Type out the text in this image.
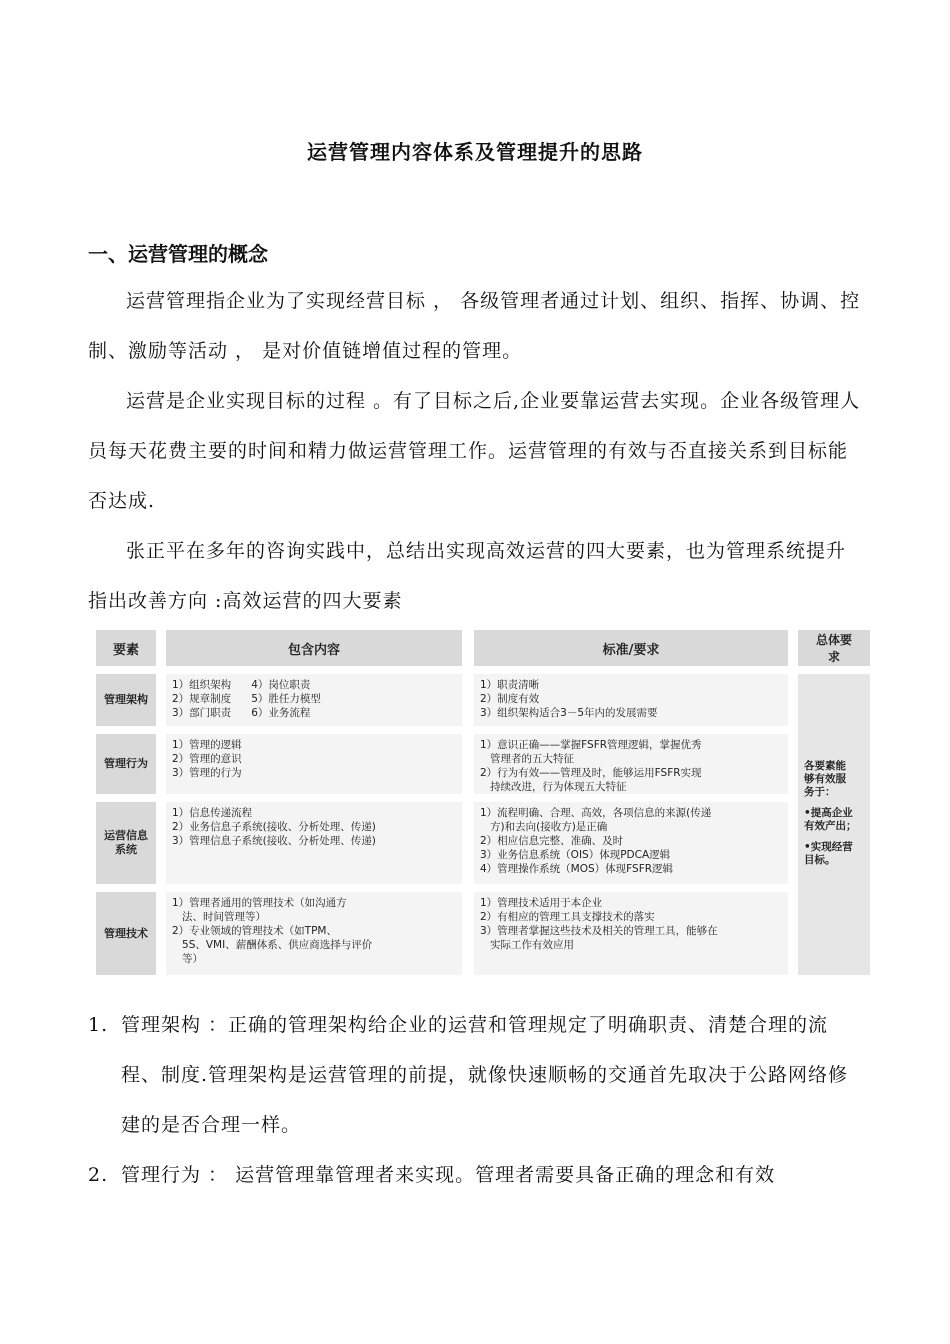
运营管理内容体系及管理提升的思路
一、运营管理的概念
运营管理指企业为了实现经营目标 ， 各级管理者通过计划、组织、指挥、协调、控制、激励等活动 ， 是对价值链增值过程的管理。
运营是企业实现目标的过程 。有了目标之后,企业要靠运营去实现。企业各级管理人员每天花费主要的时间和精力做运营管理工作。运营管理的有效与否直接关系到目标能否达成.
张正平在多年的咨询实践中，总结出实现高效运营的四大要素，也为管理系统提升指出改善方向 :高效运营的四大要素
要素	包含内容	标准/要求
总体要求
管理架构
1）组织架构      4）岗位职责
2）规章制度      5）胜任力模型
3）部门职责      6）业务流程
1）职责清晰
2）制度有效
3）组织架构适合3－5年内的发展需要
管理行为
1）管理的逻辑
2）管理的意识
3）管理的行为
1）意识正确——掌握FSFR管理逻辑，掌握优秀
管理者的五大特征
2）行为有效——管理及时，能够运用FSFR实现
持续改进，行为体现五大特征
运营信息系统
1）信息传递流程
2）业务信息子系统(接收、分析处理、传递)
3）管理信息子系统(接收、分析处理、传递)
1）流程明确、合理、高效，各项信息的来源(传递
方)和去向(接收方)是正确
2）相应信息完整、准确、及时
3）业务信息系统（OIS）体现PDCA逻辑
4）管理操作系统（MOS）体现FSFR逻辑
管理技术
1）管理者通用的管理技术（如沟通方
法、时间管理等）
2）专业领域的管理技术（如TPM、
5S、VMI、薪酬体系、供应商选择与评价
等）
1）管理技术适用于本企业
2）有相应的管理工具支撑技术的落实
3）管理者掌握这些技术及相关的管理工具，能够在
实际工作有效应用
各要素能
够有效服
务于：
•提高企业
有效产出；
•实现经营
目标。
1. 管理架构 ：正确的管理架构给企业的运营和管理规定了明确职责、清楚合理的流程、制度.管理架构是运营管理的前提，就像快速顺畅的交通首先取决于公路网络修建的是否合理一样。
2. 管理行为 ： 运营管理靠管理者来实现。管理者需要具备正确的理念和有效
